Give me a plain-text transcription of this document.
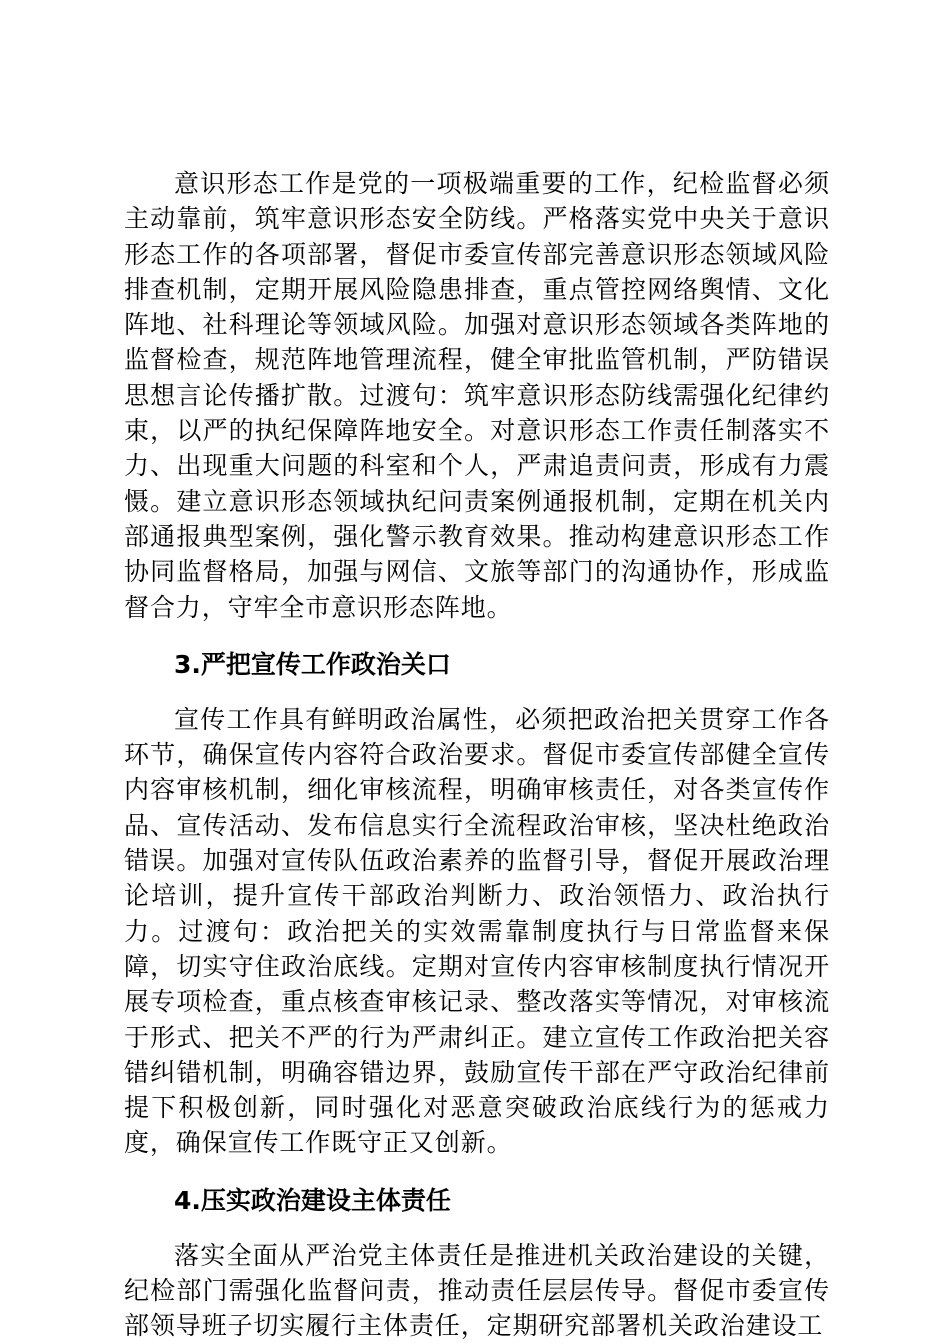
意识形态工作是党的一项极端重要的工作，纪检监督必须主动靠前，筑牢意识形态安全防线。严格落实党中央关于意识形态工作的各项部署，督促市委宣传部完善意识形态领域风险排查机制，定期开展风险隐患排查，重点管控网络舆情、文化阵地、社科理论等领域风险。加强对意识形态领域各类阵地的监督检查，规范阵地管理流程，健全审批监管机制，严防错误思想言论传播扩散。过渡句：筑牢意识形态防线需强化纪律约束，以严的执纪保障阵地安全。对意识形态工作责任制落实不力、出现重大问题的科室和个人，严肃追责问责，形成有力震慑。建立意识形态领域执纪问责案例通报机制，定期在机关内部通报典型案例，强化警示教育效果。推动构建意识形态工作协同监督格局，加强与网信、文旅等部门的沟通协作，形成监督合力，守牢全市意识形态阵地。

3.严把宣传工作政治关口

宣传工作具有鲜明政治属性，必须把政治把关贯穿工作各环节，确保宣传内容符合政治要求。督促市委宣传部健全宣传内容审核机制，细化审核流程，明确审核责任，对各类宣传作品、宣传活动、发布信息实行全流程政治审核，坚决杜绝政治错误。加强对宣传队伍政治素养的监督引导，督促开展政治理论培训，提升宣传干部政治判断力、政治领悟力、政治执行力。过渡句：政治把关的实效需靠制度执行与日常监督来保障，切实守住政治底线。定期对宣传内容审核制度执行情况开展专项检查，重点核查审核记录、整改落实等情况，对审核流于形式、把关不严的行为严肃纠正。建立宣传工作政治把关容错纠错机制，明确容错边界，鼓励宣传干部在严守政治纪律前提下积极创新，同时强化对恶意突破政治底线行为的惩戒力度，确保宣传工作既守正又创新。

4.压实政治建设主体责任

落实全面从严治党主体责任是推进机关政治建设的关键，纪检部门需强化监督问责，推动责任层层传导。督促市委宣传部领导班子切实履行主体责任，定期研究部署机关政治建设工
